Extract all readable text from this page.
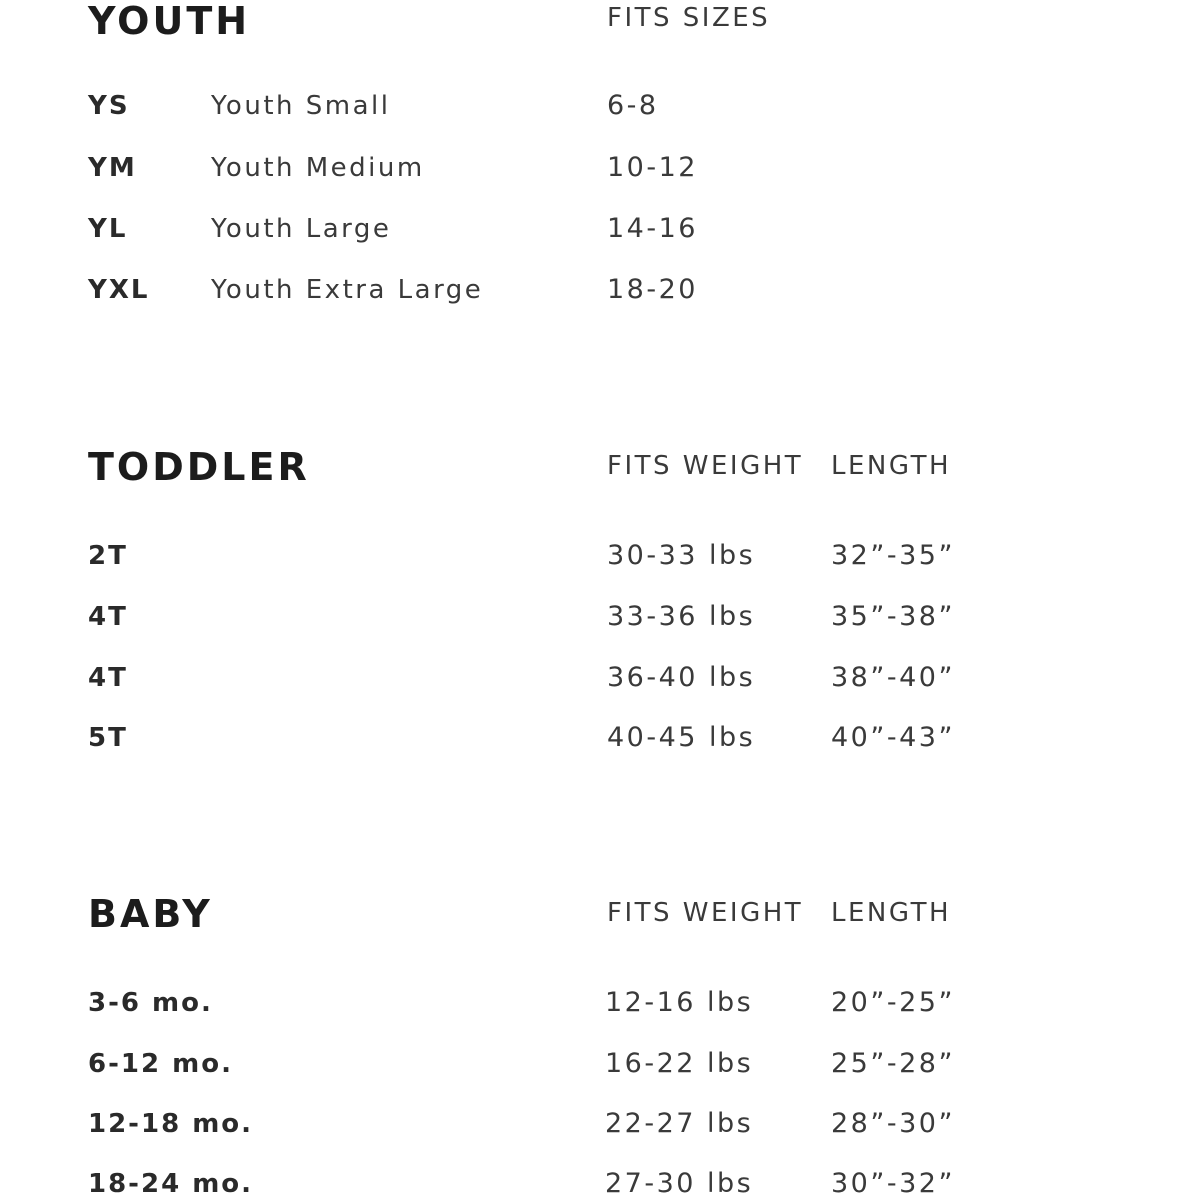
YOUTH	FITS SIZES
YS	Youth Small	6-8
YM	Youth Medium	10-12
YL	Youth Large	14-16
YXL Youth Extra Large	18-20
TODDLER	FITS WEIGHT LENGTH
2T	30-33 lbs	32”-35”
4T	33-36 lbs	35”-38”
4T	36-40 lbs	38”-40”
5T	40-45 lbs	40”-43”
BABY	FITS WEIGHT LENGTH
3-6 mo.	12-16 lbs	20”-25”
6-12 mo.	16-22 lbs	25”-28”
12-18 mo.	22-27 lbs	28”-30”
18-24 mo.	27-30 lbs	30”-32”
